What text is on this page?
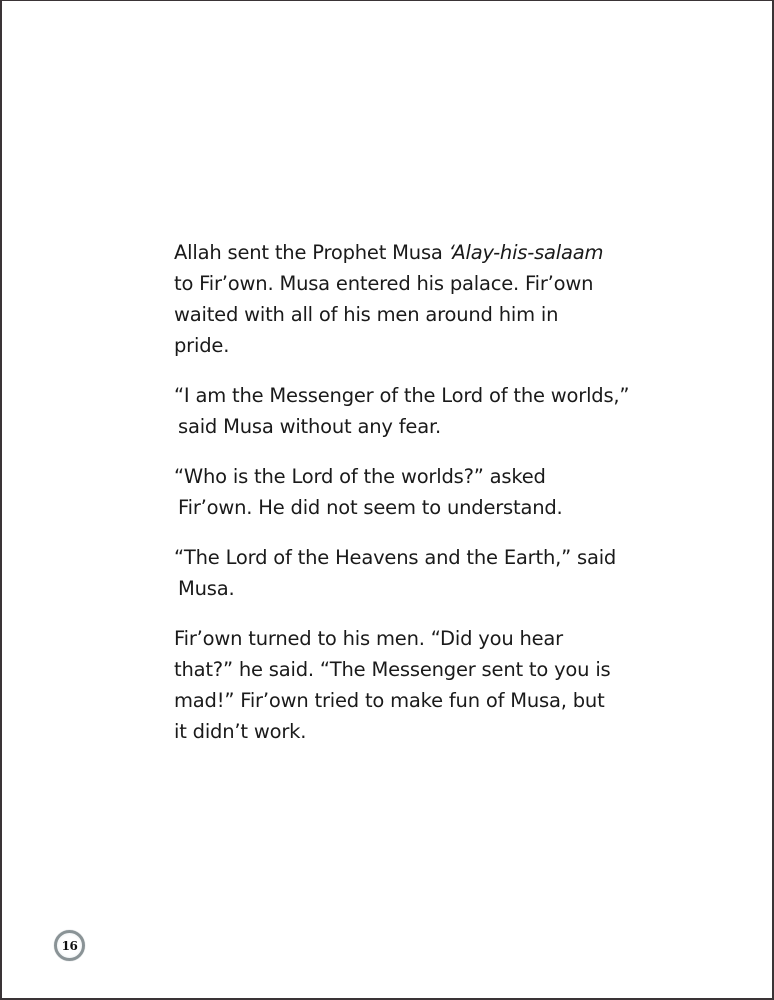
Allah sent the Prophet Musa ‘Alay-his-salaam
to Fir’own. Musa entered his palace. Fir’own
waited with all of his men around him in
pride.

“I am the Messenger of the Lord of the worlds,”
said Musa without any fear.

“Who is the Lord of the worlds?” asked
Fir’own. He did not seem to understand.

“The Lord of the Heavens and the Earth,” said
Musa.

Fir’own turned to his men. “Did you hear
that?” he said. “The Messenger sent to you is
mad!” Fir’own tried to make fun of Musa, but
it didn’t work.

16
